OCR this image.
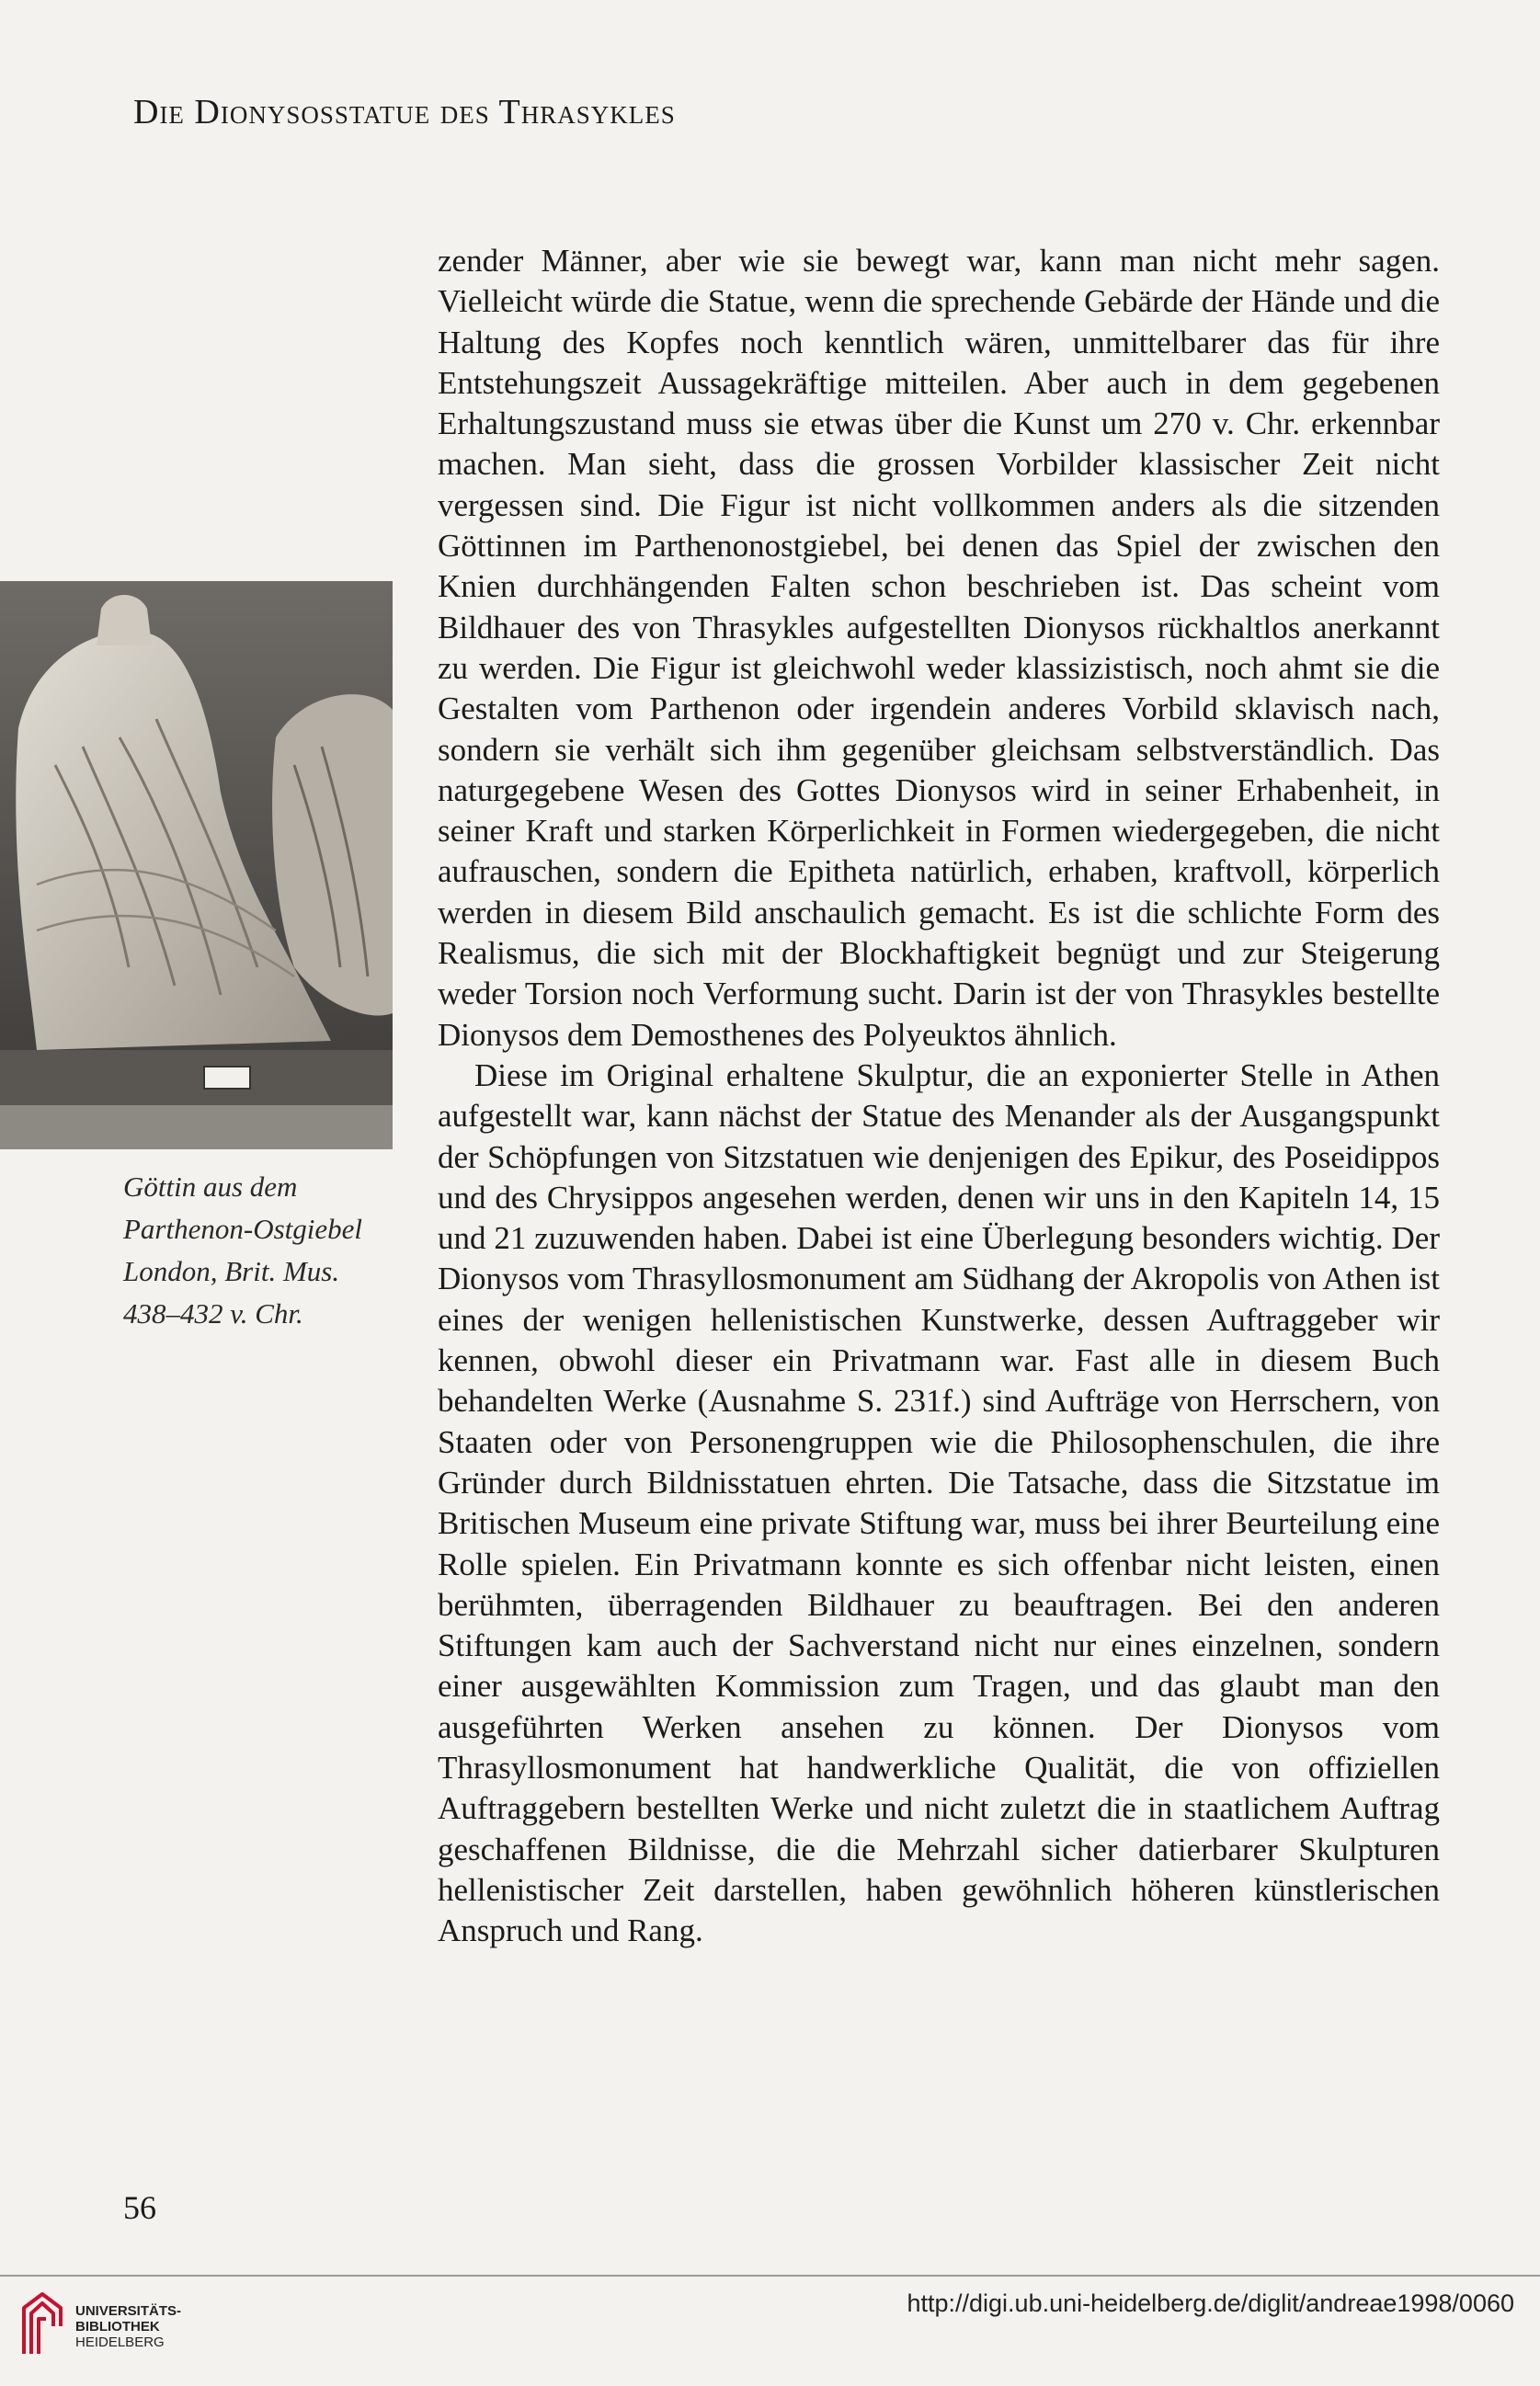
Die Dionysosstatue des Thrasykles
Göttin aus dem
Parthenon-Ostgiebel
London, Brit. Mus.
438–432 v. Chr.

zender Männer, aber wie sie bewegt war, kann man nicht mehr sagen. Vielleicht würde die Statue, wenn die sprechende Gebärde der Hände und die Haltung des Kopfes noch kenntlich wären, unmittelbarer das für ihre Entstehungszeit Aussagekräftige mitteilen. Aber auch in dem gegebenen Erhaltungszustand muss sie etwas über die Kunst um 270 v. Chr. erkennbar machen. Man sieht, dass die grossen Vorbilder klassischer Zeit nicht vergessen sind. Die Figur ist nicht vollkommen anders als die sitzenden Göttinnen im Parthenonostgiebel, bei denen das Spiel der zwischen den Knien durchhängenden Falten schon beschrieben ist. Das scheint vom Bildhauer des von Thrasykles aufgestellten Dionysos rückhaltlos anerkannt zu werden. Die Figur ist gleichwohl weder klassizistisch, noch ahmt sie die Gestalten vom Parthenon oder irgendein anderes Vorbild sklavisch nach, sondern sie verhält sich ihm gegenüber gleichsam selbstverständlich. Das naturgegebene Wesen des Gottes Dionysos wird in seiner Erhabenheit, in seiner Kraft und starken Körperlichkeit in Formen wiedergegeben, die nicht aufrauschen, sondern die Epitheta natürlich, erhaben, kraftvoll, körperlich werden in diesem Bild anschaulich gemacht. Es ist die schlichte Form des Realismus, die sich mit der Blockhaftigkeit begnügt und zur Steigerung weder Torsion noch Verformung sucht. Darin ist der von Thrasykles bestellte Dionysos dem Demosthenes des Polyeuktos ähnlich.

Diese im Original erhaltene Skulptur, die an exponierter Stelle in Athen aufgestellt war, kann nächst der Statue des Menander als der Ausgangspunkt der Schöpfungen von Sitzstatuen wie denjenigen des Epikur, des Poseidippos und des Chrysippos angesehen werden, denen wir uns in den Kapiteln 14, 15 und 21 zuzuwenden haben. Dabei ist eine Überlegung besonders wichtig. Der Dionysos vom Thrasyllosmonument am Südhang der Akropolis von Athen ist eines der wenigen hellenistischen Kunstwerke, dessen Auftraggeber wir kennen, obwohl dieser ein Privatmann war. Fast alle in diesem Buch behandelten Werke (Ausnahme S. 231f.) sind Aufträge von Herrschern, von Staaten oder von Personengruppen wie die Philosophenschulen, die ihre Gründer durch Bildnisstatuen ehrten. Die Tatsache, dass die Sitzstatue im Britischen Museum eine private Stiftung war, muss bei ihrer Beurteilung eine Rolle spielen. Ein Privatmann konnte es sich offenbar nicht leisten, einen berühmten, überragenden Bildhauer zu beauftragen. Bei den anderen Stiftungen kam auch der Sachverstand nicht nur eines einzelnen, sondern einer ausgewählten Kommission zum Tragen, und das glaubt man den ausgeführten Werken ansehen zu können. Der Dionysos vom Thrasyllosmonument hat handwerkliche Qualität, die von offiziellen Auftraggebern bestellten Werke und nicht zuletzt die in staatlichem Auftrag geschaffenen Bildnisse, die die Mehrzahl sicher datierbarer Skulpturen hellenistischer Zeit darstellen, haben gewöhnlich höheren künstlerischen Anspruch und Rang.

56
UNIVERSITÄTS-
BIBLIOTHEK
HEIDELBERG
http://digi.ub.uni-heidelberg.de/diglit/andreae1998/0060
